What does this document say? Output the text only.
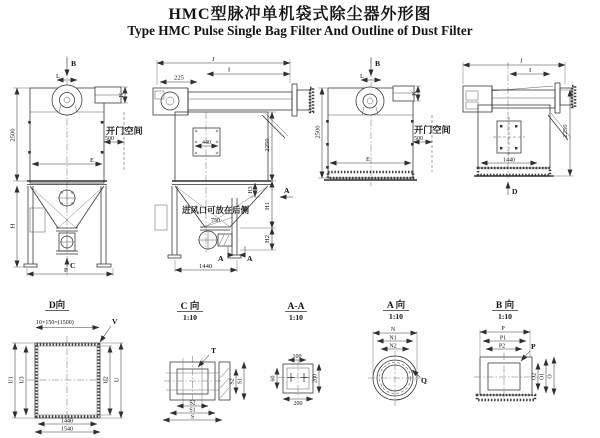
HMC型脉冲单机袋式除尘器外形图
Type HMC Pulse Single Bag Filter And Outline of Dust Filter
B
L
K
2500	开门空间
500
E
C
H
F
J
225
I
440	2250
H1
H2
H3	A
进风口可放在后侧
750
A	A
1440
B
L
K
开门空间
500
E
2500
J
I
1440
2250
D
D向
10×150=(1500)	V
U1 U3	U2 U
1440
1540
C 向
1:10
T
S2
S1
S
S2 S1
A-A
1:10
100
60	200
200
A 向
1:10
N
N1
N2
Q
B 向
1:10
P
P1
P2	P
O2 O1 O
